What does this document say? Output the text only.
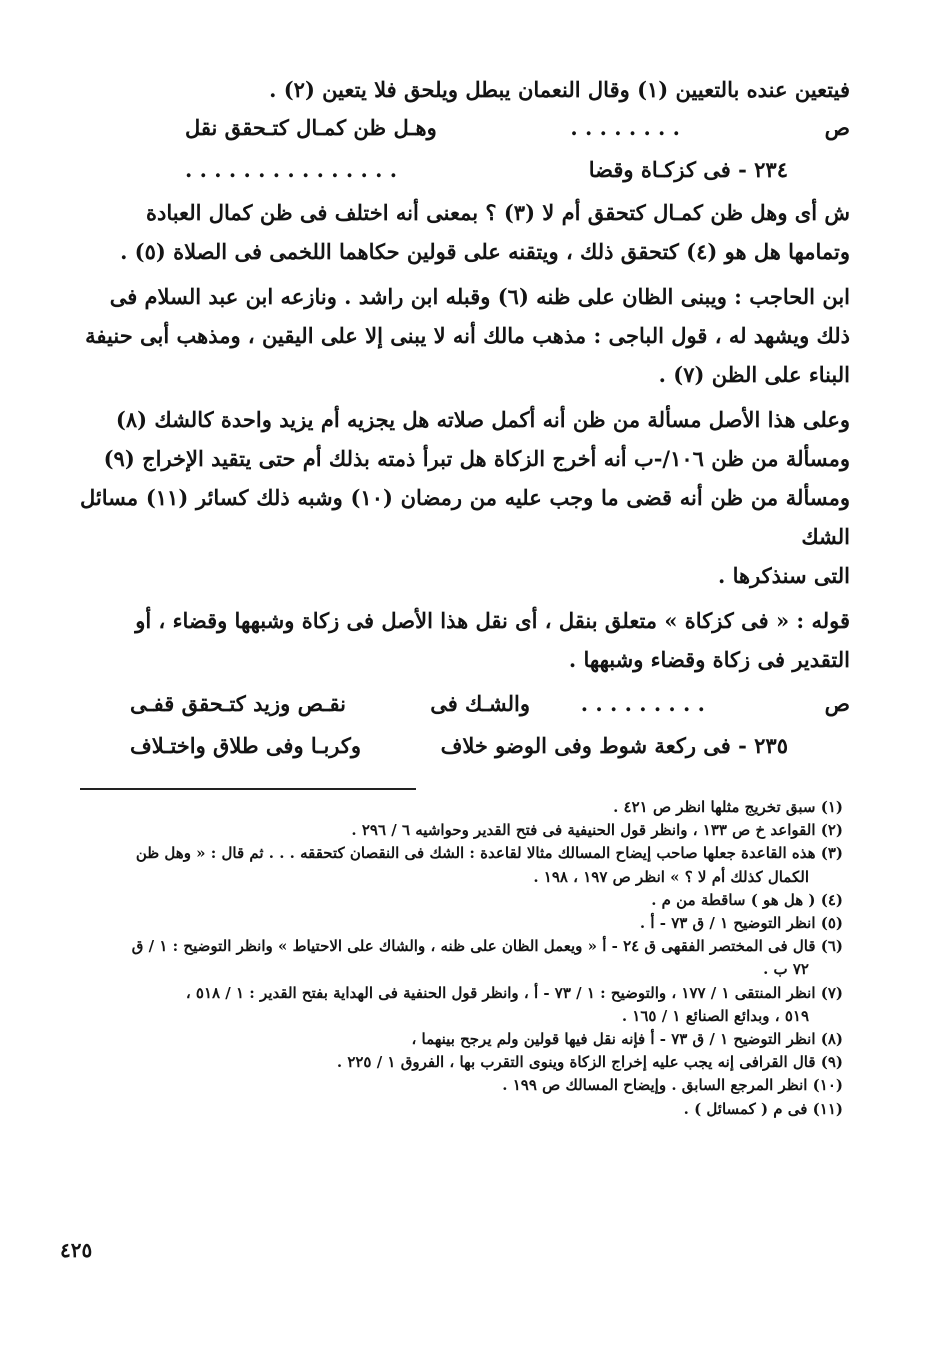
فيتعين عنده بالتعيين (١) وقال النعمان يبطل ويلحق فلا يتعين (٢) .
ص
. . . . . . . .
وهـل ظن كمـال كتـحقق نقل
٢٣٤ - فى كزكـاة وقضا
. . . . . . . . . . . . . . .

ش أى وهل ظن كمـال كتحقق أم لا (٣) ؟ بمعنى أنه اختلف فى ظن كمال العبادة

وتمامها هل هو (٤) كتحقق ذلك ، ويتقنه على قولين حكاهما اللخمى فى الصلاة (٥) .

ابن الحاجب : ويبنى الظان على ظنه (٦) وقبله ابن راشد . ونازعه ابن عبد السلام فى

ذلك ويشهد له ، قول الباجى : مذهب مالك أنه لا يبنى إلا على اليقين ، ومذهب أبى حنيفة

البناء على الظن (٧) .

وعلى هذا الأصل مسألة من ظن أنه أكمل صلاته هل يجزيه أم يزيد واحدة كالشك (٨)

ومسألة من ظن ١٠٦/-ب أنه أخرج الزكاة هل تبرأ ذمته بذلك أم حتى يتقيد الإخراج (٩)

ومسألة من ظن أنه قضى ما وجب عليه من رمضان (١٠) وشبه ذلك كسائر (١١) مسائل الشك

التى سنذكرها .

قوله : « فى كزكاة » متعلق بنقل ، أى نقل هذا الأصل فى زكاة وشبهها وقضاء ، أو

التقدير فى زكاة وقضاء وشبهها .

ص
. . . . . . . . .
والشـك فى
نقـص وزيد كتـحقق قفـى
٢٣٥ - فى ركعة شوط وفى الوضو خلاف
وكربـا وفى طلاق واختـلاف
(١) سبق تخريج مثلها انظر ص ٤٢١ .
(٢) القواعد خ ص ١٣٣ ، وانظر قول الحنيفية فى فتح القدير وحواشيه ٦ / ٢٩٦ .
(٣) هذه القاعدة جعلها صاحب إيضاح المسالك مثالا لقاعدة : الشك فى النقصان كتحققه . . . ثم قال : « وهل ظن
الكمال كذلك أم لا ؟ » انظر ص ١٩٧ ، ١٩٨ .
(٤) ( هل هو ) ساقطة من م .
(٥) انظر التوضيح ١ / ق ٧٣ - أ .
(٦) قال فى المختصر الفقهى ق ٢٤ - أ « ويعمل الظان على ظنه ، والشاك على الاحتياط » وانظر التوضيح : ١ / ق
٧٢ ب .
(٧) انظر المنتقى ١ / ١٧٧ ، والتوضيح : ١ / ٧٣ - أ ، وانظر قول الحنفية فى الهداية بفتح القدير : ١ / ٥١٨ ،
٥١٩ ، وبدائع الصنائع ١ / ١٦٥ .
(٨) انظر التوضيح ١ / ق ٧٣ - أ فإنه نقل فيها قولين ولم يرجح بينهما ،
(٩) قال القرافى إنه يجب عليه إخراج الزكاة وينوى التقرب بها ، الفروق ١ / ٢٢٥ .
(١٠) انظر المرجع السابق . وإيضاح المسالك ص ١٩٩ .
(١١) فى م ( كمسائل ) .
٤٢٥
